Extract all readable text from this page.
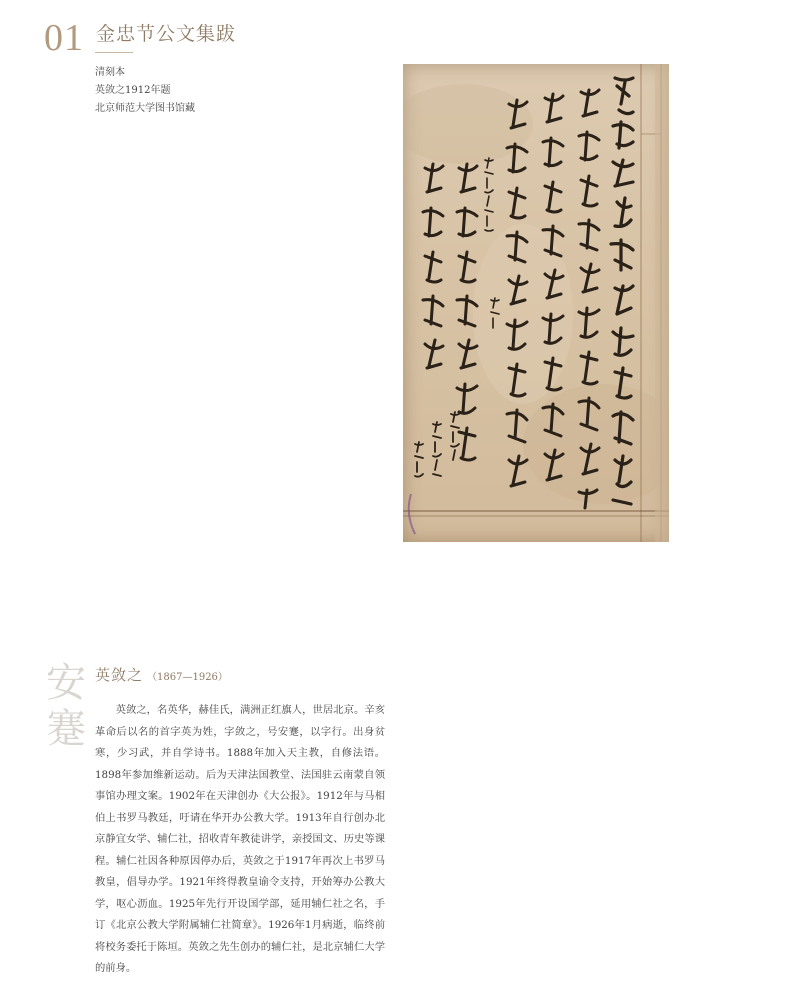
01 金忠节公文集跋
清刻本
英敛之1912年题
北京师范大学图书馆藏
安蹇
英敛之 （1867—1926）

英敛之，名英华，赫佳氏，满洲正红旗人，世居北京。辛亥革命后以名的首字英为姓，字敛之，号安蹇，以字行。出身贫寒，少习武，并自学诗书。1888年加入天主教，自修法语。1898年参加维新运动。后为天津法国教堂、法国驻云南蒙自领事馆办理文案。1902年在天津创办《大公报》。1912年与马相伯上书罗马教廷，吁请在华开办公教大学。1913年自行创办北京静宜女学、辅仁社，招收青年教徒讲学，亲授国文、历史等课程。辅仁社因各种原因停办后，英敛之于1917年再次上书罗马教皇，倡导办学。1921年终得教皇谕令支持，开始筹办公教大学，呕心沥血。1925年先行开设国学部，延用辅仁社之名，手订《北京公教大学附属辅仁社简章》。1926年1月病逝，临终前将校务委托于陈垣。英敛之先生创办的辅仁社，是北京辅仁大学的前身。
